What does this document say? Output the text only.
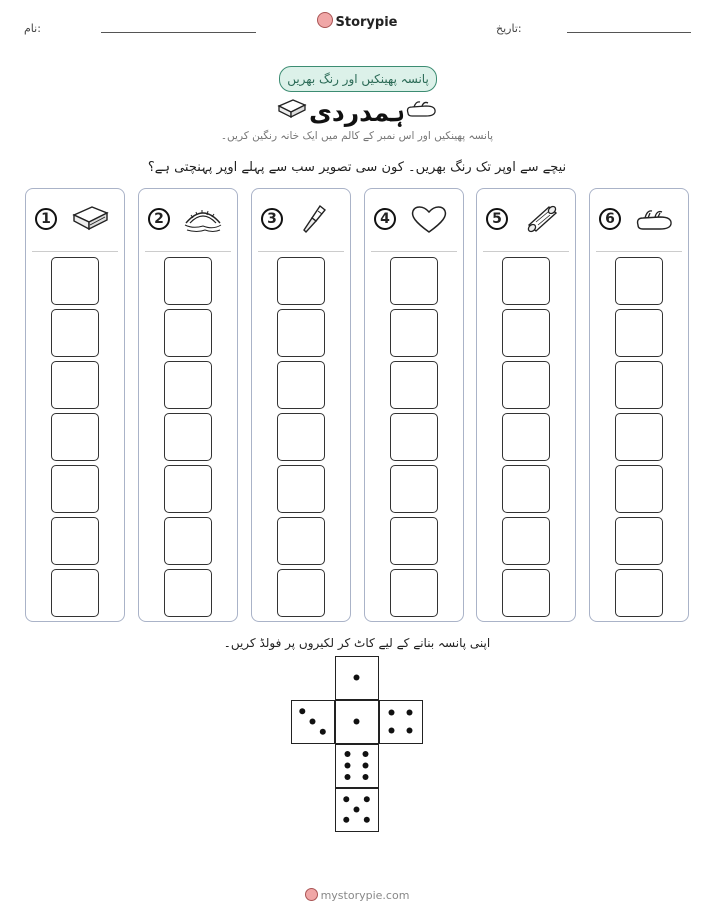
نام:	Storypie	تاریخ:
پانسہ پھینکیں اور رنگ بھریں
ہمدردی
پانسہ پھینکیں اور اس نمبر کے کالم میں ایک خانہ رنگین کریں۔
نیچے سے اوپر تک رنگ بھریں۔ کون سی تصویر سب سے پہلے اوپر پہنچتی ہے؟
1	2	3	4	5	6
اپنی پانسہ بنانے کے لیے کاٹ کر لکیروں پر فولڈ کریں۔
mystorypie.com
